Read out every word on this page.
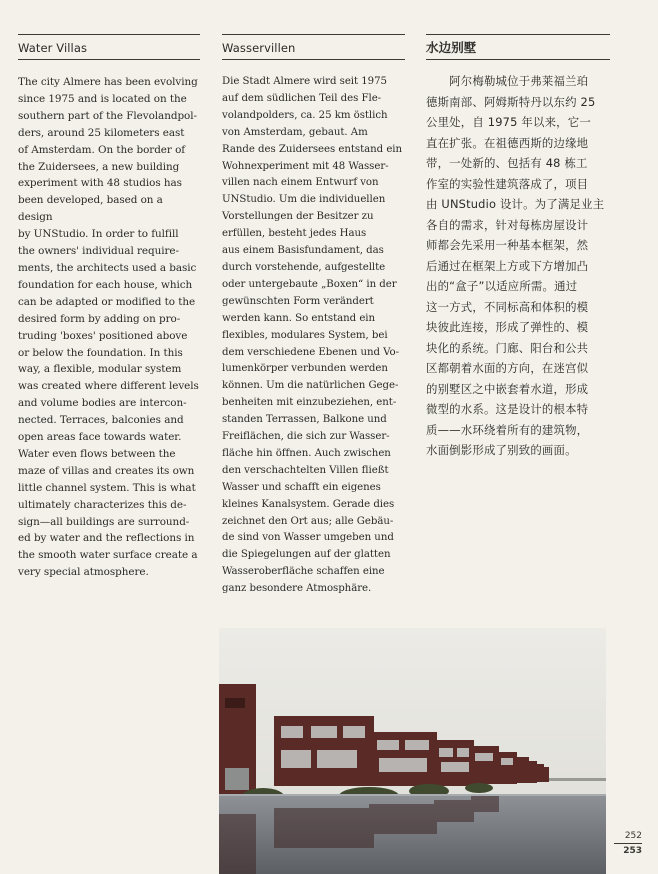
Water Villas
The city Almere has been evolving
since 1975 and is located on the
southern part of the Flevolandpol-
ders, around 25 kilometers east
of Amsterdam. On the border of
the Zuidersees, a new building
experiment with 48 studios has
been developed, based on a design
by UNStudio. In order to fulfill
the owners' individual require-
ments, the architects used a basic
foundation for each house, which
can be adapted or modified to the
desired form by adding on pro-
truding 'boxes' positioned above
or below the foundation. In this
way, a flexible, modular system
was created where different levels
and volume bodies are intercon-
nected. Terraces, balconies and
open areas face towards water.
Water even flows between the
maze of villas and creates its own
little channel system. This is what
ultimately characterizes this de-
sign—all buildings are surround-
ed by water and the reflections in
the smooth water surface create a
very special atmosphere.
Wasservillen
Die Stadt Almere wird seit 1975
auf dem südlichen Teil des Fle-
volandpolders, ca. 25 km östlich
von Amsterdam, gebaut. Am
Rande des Zuidersees entstand ein
Wohnexperiment mit 48 Wasser-
villen nach einem Entwurf von
UNStudio. Um die individuellen
Vorstellungen der Besitzer zu
erfüllen, besteht jedes Haus
aus einem Basisfundament, das
durch vorstehende, aufgestellte
oder untergebaute „Boxen“ in der
gewünschten Form verändert
werden kann. So entstand ein
flexibles, modulares System, bei
dem verschiedene Ebenen und Vo-
lumenkörper verbunden werden
können. Um die natürlichen Gege-
benheiten mit einzubeziehen, ent-
standen Terrassen, Balkone und
Freiflächen, die sich zur Wasser-
fläche hin öffnen. Auch zwischen
den verschachtelten Villen fließt
Wasser und schafft ein eigenes
kleines Kanalsystem. Gerade dies
zeichnet den Ort aus; alle Gebäu-
de sind von Wasser umgeben und
die Spiegelungen auf der glatten
Wasseroberfläche schaffen eine
ganz besondere Atmosphäre.
水边别墅
　　阿尔梅勒城位于弗莱福兰珀
德斯南部、阿姆斯特丹以东约 25
公里处，自 1975 年以来，它一
直在扩张。在祖德西斯的边缘地
带，一处新的、包括有 48 栋工
作室的实验性建筑落成了，项目
由 UNStudio 设计。为了满足业主
各自的需求，针对每栋房屋设计
师都会先采用一种基本框架，然
后通过在框架上方或下方增加凸
出的“盒子”以适应所需。通过
这一方式，不同标高和体积的模
块彼此连接，形成了弹性的、模
块化的系统。门廊、阳台和公共
区都朝着水面的方向，在迷宫似
的别墅区之中嵌套着水道，形成
微型的水系。这是设计的根本特
质——水环绕着所有的建筑物，
水面倒影形成了别致的画面。
252
253
